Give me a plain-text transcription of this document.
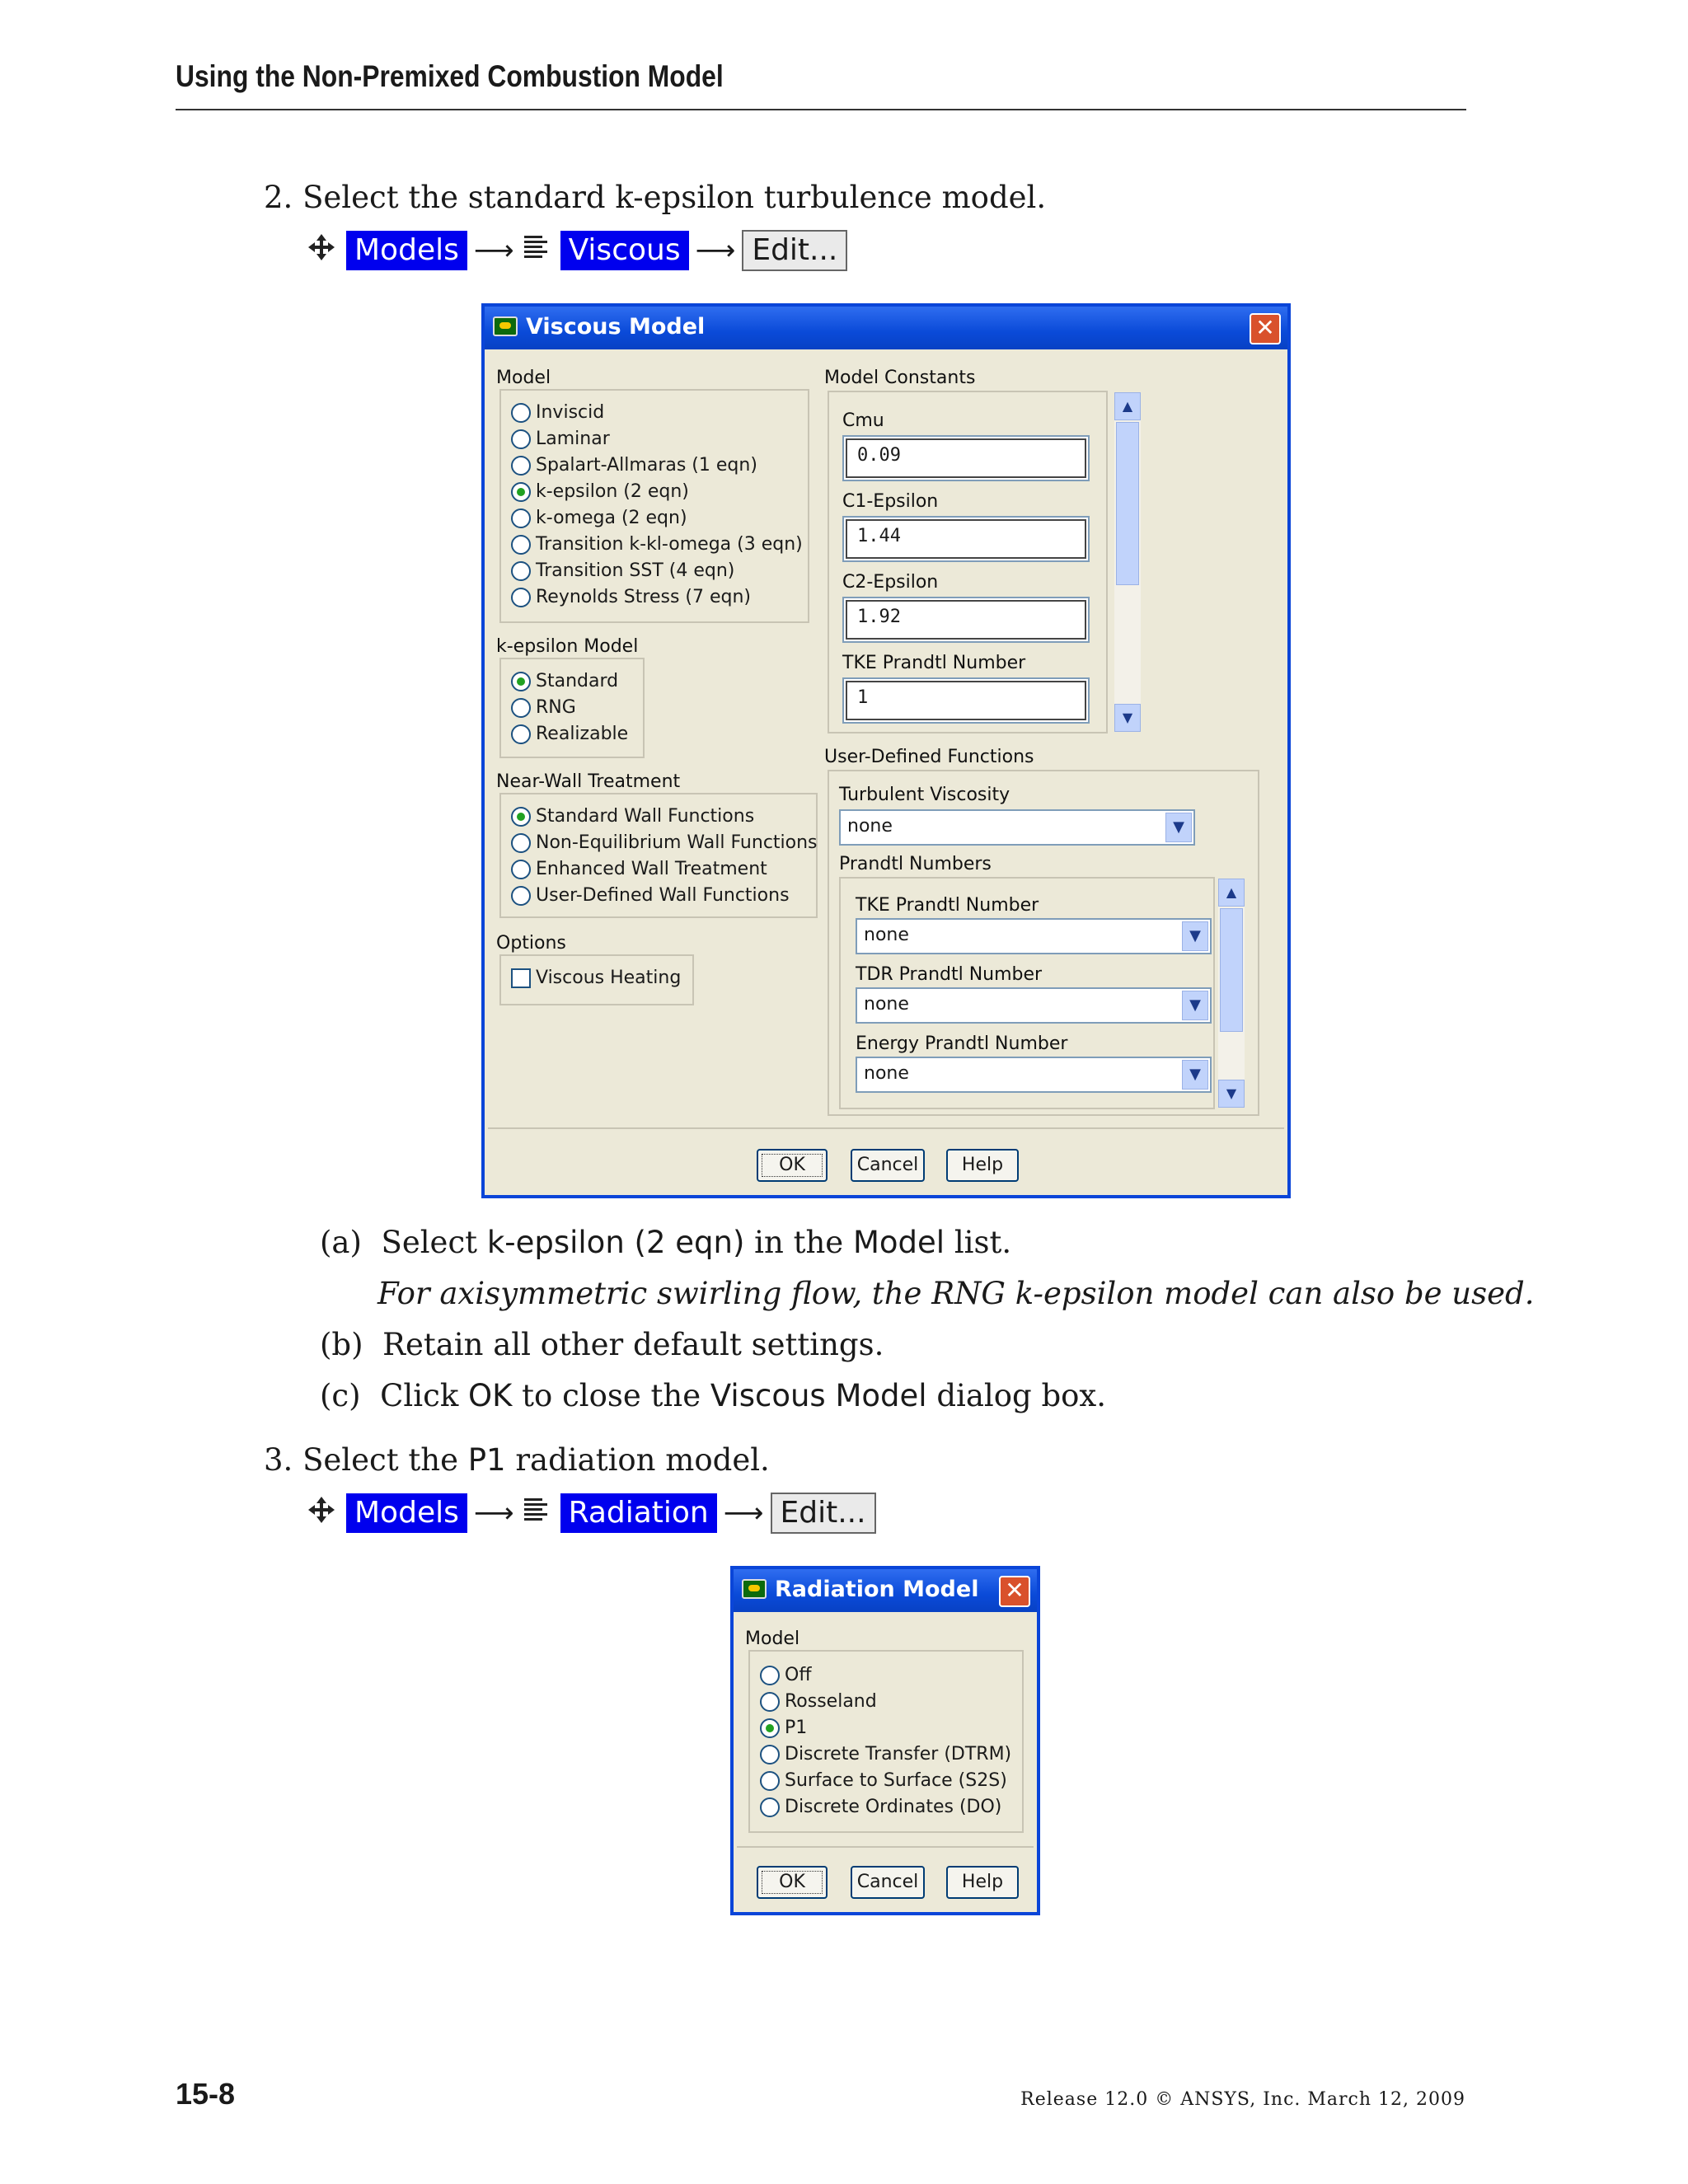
Using the Non-Premixed Combustion Model
2. Select the standard k-epsilon turbulence model.
Models ⟶ Viscous ⟶ Edit...
Viscous Model	✕
Model
Inviscid
Laminar
Spalart-Allmaras (1 eqn)
k-epsilon (2 eqn)
k-omega (2 eqn)
Transition k-kl-omega (3 eqn)
Transition SST (4 eqn)
Reynolds Stress (7 eqn)
k-epsilon Model
Standard
RNG
Realizable
Near-Wall Treatment
Standard Wall Functions
Non-Equilibrium Wall Functions
Enhanced Wall Treatment
User-Defined Wall Functions
Options
Viscous Heating
Model Constants
Cmu
0.09
C1-Epsilon
1.44
C2-Epsilon
1.92
TKE Prandtl Number
1
▲
▼
User-Defined Functions
Turbulent Viscosity
none	▼
Prandtl Numbers
TKE Prandtl Number
none	▼
TDR Prandtl Number
none	▼
Energy Prandtl Number
none	▼
▲
▼
OK	Cancel	Help
(a) Select k-epsilon (2 eqn) in the Model list.
For axisymmetric swirling flow, the RNG k-epsilon model can also be used.
(b) Retain all other default settings.
(c) Click OK to close the Viscous Model dialog box.
3. Select the P1 radiation model.
Models ⟶ Radiation ⟶ Edit...
Radiation Model ✕
Model
Off
Rosseland
P1
Discrete Transfer (DTRM)
Surface to Surface (S2S)
Discrete Ordinates (DO)
OK	Cancel	Help
15-8	Release 12.0 © ANSYS, Inc. March 12, 2009
